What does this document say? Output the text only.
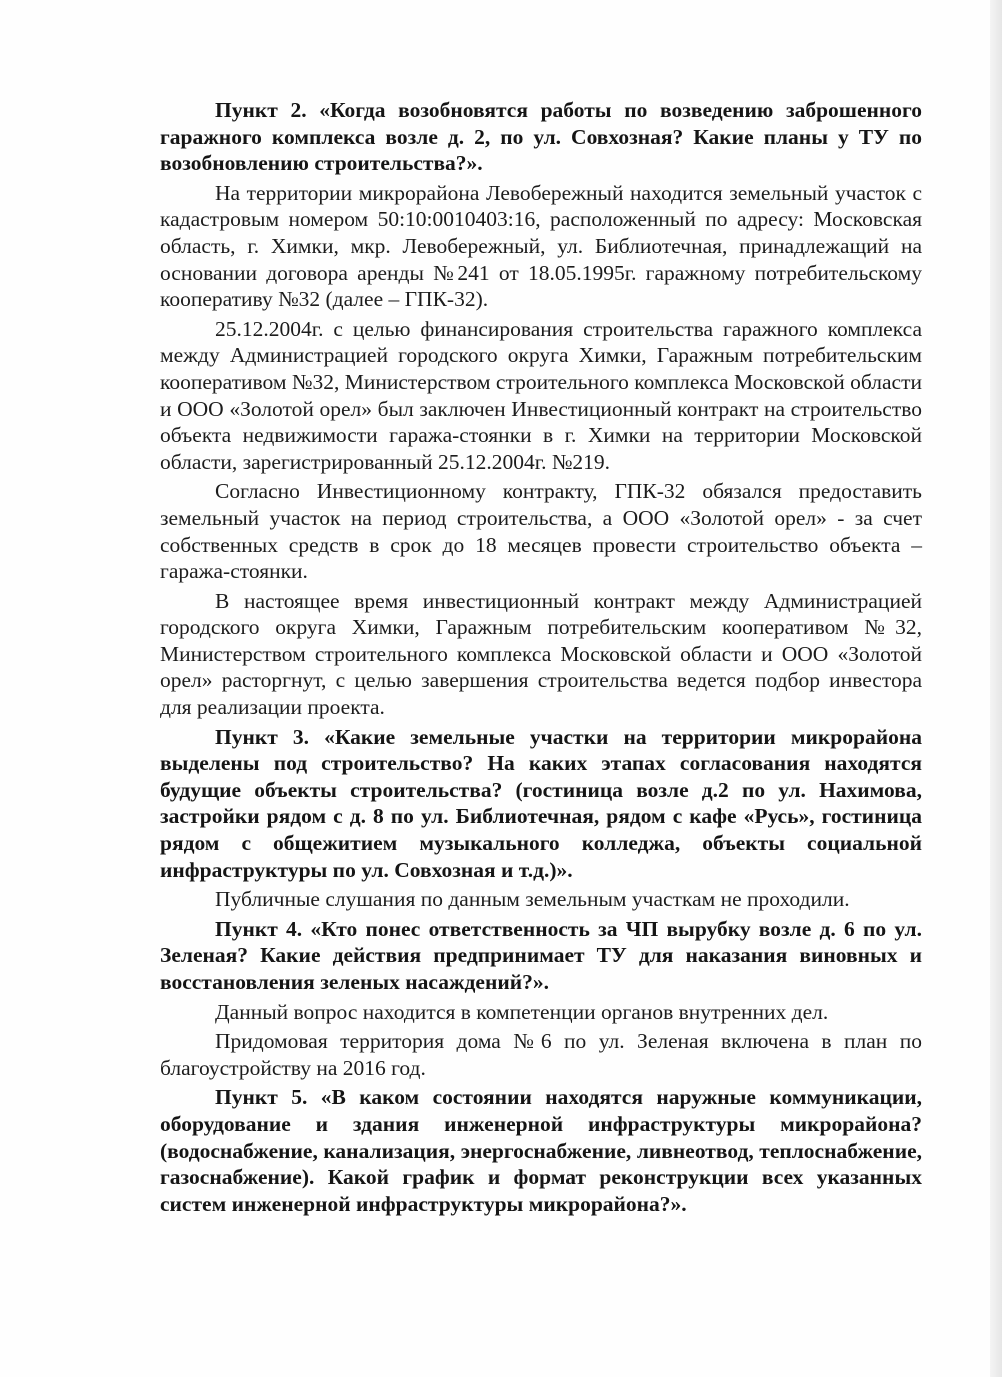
Пункт 2. «Когда возобновятся работы по возведению заброшенного гаражного комплекса возле д. 2, по ул. Совхозная? Какие планы у ТУ по возобновлению строительства?».

На территории микрорайона Левобережный находится земельный участок с кадастровым номером 50:10:0010403:16, расположенный по адресу: Московская область, г. Химки, мкр. Левобережный, ул. Библиотечная, принадлежащий на основании договора аренды №241 от 18.05.1995г. гаражному потребительскому кооперативу №32 (далее – ГПК-32).

25.12.2004г. с целью финансирования строительства гаражного комплекса между Администрацией городского округа Химки, Гаражным потребительским кооперативом №32, Министерством строительного комплекса Московской области и ООО «Золотой орел» был заключен Инвестиционный контракт на строительство объекта недвижимости гаража-стоянки в г. Химки на территории Московской области, зарегистрированный 25.12.2004г. №219.

Согласно Инвестиционному контракту, ГПК-32 обязался предоставить земельный участок на период строительства, а ООО «Золотой орел» - за счет собственных средств в срок до 18 месяцев провести строительство объекта – гаража-стоянки.

В настоящее время инвестиционный контракт между Администрацией городского округа Химки, Гаражным потребительским кооперативом №32, Министерством строительного комплекса Московской области и ООО «Золотой орел» расторгнут, с целью завершения строительства ведется подбор инвестора для реализации проекта.

Пункт 3. «Какие земельные участки на территории микрорайона выделены под строительство? На каких этапах согласования находятся будущие объекты строительства? (гостиница возле д.2 по ул. Нахимова, застройки рядом с д. 8 по ул. Библиотечная, рядом с кафе «Русь», гостиница рядом с общежитием музыкального колледжа, объекты социальной инфраструктуры по ул. Совхозная и т.д.)».

Публичные слушания по данным земельным участкам не проходили.

Пункт 4. «Кто понес ответственность за ЧП вырубку возле д. 6 по ул. Зеленая? Какие действия предпринимает ТУ для наказания виновных и восстановления зеленых насаждений?».

Данный вопрос находится в компетенции органов внутренних дел.

Придомовая территория дома №6 по ул. Зеленая включена в план по благоустройству на 2016 год.

Пункт 5. «В каком состоянии находятся наружные коммуникации, оборудование и здания инженерной инфраструктуры микрорайона? (водоснабжение, канализация, энергоснабжение, ливнеотвод, теплоснабжение, газоснабжение). Какой график и формат реконструкции всех указанных систем инженерной инфраструктуры микрорайона?».
